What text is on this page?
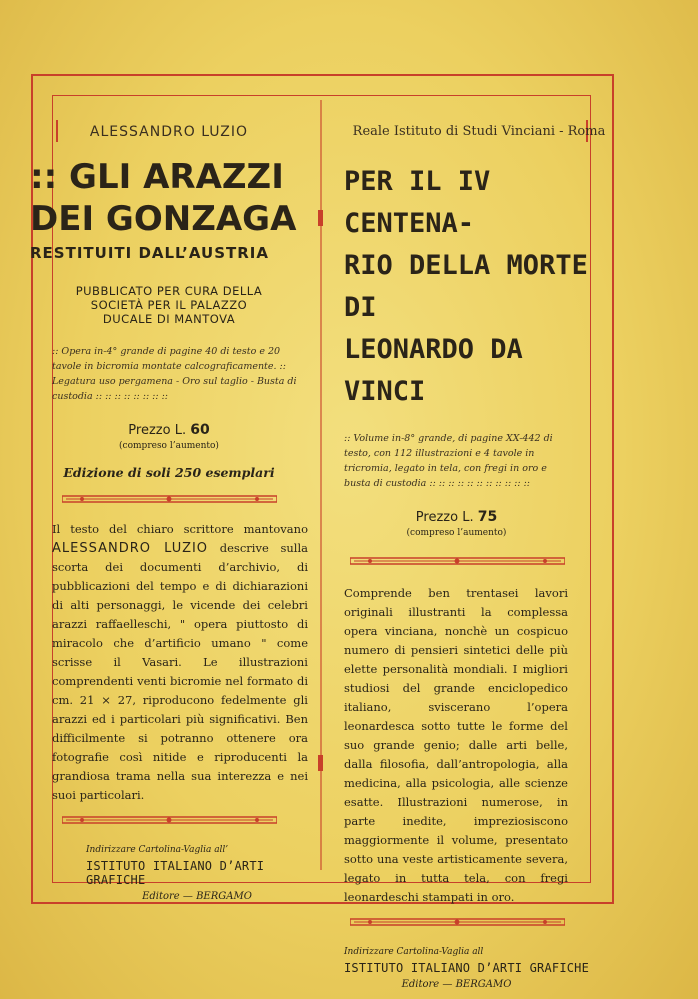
ALESSANDRO LUZIO

:: GLI ARAZZI

DEI GONZAGA

RESTITUITI DALL’AUSTRIA

PUBBLICATO PER CURA DELLA
SOCIETÀ PER IL PALAZZO
DUCALE DI MANTOVA

:: Opera in-4° grande di pagine 40 di testo e 20 tavole in bicromia montate calcograficamente. :: Legatura uso pergamena - Oro sul taglio - Busta di custodia :: :: :: :: :: :: :: ::

Prezzo L. 60

(compreso l’aumento)

Edizione di soli 250 esemplari

Il testo del chiaro scrittore mantovano ALESSANDRO LUZIO descrive sulla scorta dei documenti d’archivio, di pubblicazioni del tempo e di dichiarazioni di alti personaggi, le vicende dei celebri arazzi raffaelleschi, " opera piuttosto di miracolo che d’artificio umano " come scrisse il Vasari. Le illustrazioni comprendenti venti bicromie nel formato di cm. 21 × 27, riproducono fedelmente gli arazzi ed i particolari più significativi. Ben difficilmente si potranno ottenere ora fotografie così nitide e riproducenti la grandiosa trama nella sua interezza e nei suoi particolari.

Indirizzare Cartolina-Vaglia all’

ISTITUTO ITALIANO D’ARTI GRAFICHE

Editore — BERGAMO

Reale Istituto di Studi Vinciani - Roma

PER IL IV CENTENA-
RIO DELLA MORTE DI
LEONARDO DA VINCI

:: Volume in-8° grande, di pagine XX-442 di testo, con 112 illustrazioni e 4 tavole in tricromia, legato in tela, con fregi in oro e busta di custodia :: :: :: :: :: :: :: :: :: :: ::

Prezzo L. 75

(compreso l’aumento)

Comprende ben trentasei lavori originali illustranti la complessa opera vinciana, nonchè un cospicuo numero di pensieri sintetici delle più elette personalità mondiali. I migliori studiosi del grande enciclopedico italiano, sviscerano l’opera leonardesca sotto tutte le forme del suo grande genio; dalle arti belle, dalla filosofia, dall’antropologia, alla medicina, alla psicologia, alle scienze esatte. Illustrazioni numerose, in parte inedite, impreziosiscono maggiormente il volume, presentato sotto una veste artisticamente severa, legato in tutta tela, con fregi leonardeschi stampati in oro.

Indirizzare Cartolina-Vaglia all

ISTITUTO ITALIANO D’ARTI GRAFICHE

Editore — BERGAMO
